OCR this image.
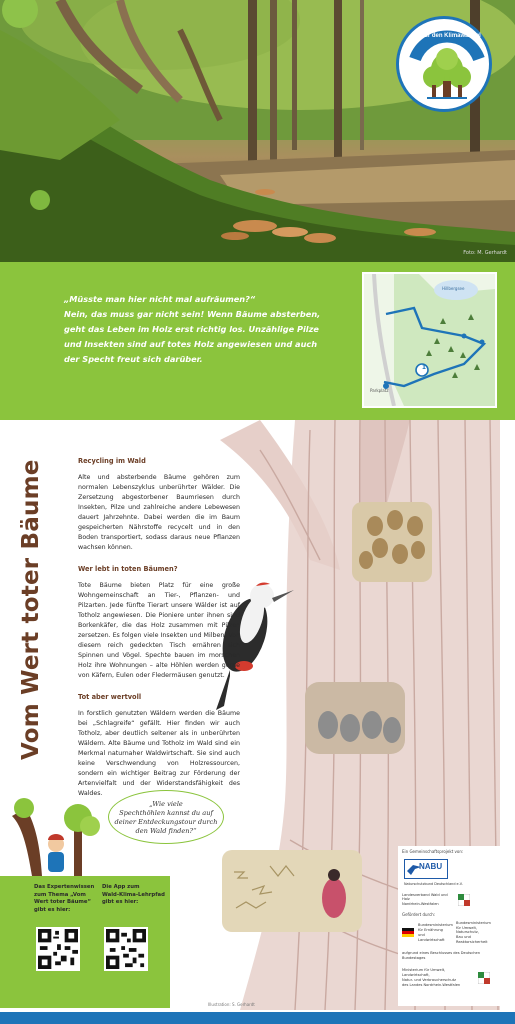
Fit für den Klimawandel
Foto: M. Gerhardt
„Müsste man hier nicht mal aufräumen?“
Nein, das muss gar nicht sein! Wenn Bäume absterben,
geht das Leben im Holz erst richtig los. Unzählige Pilze
und Insekten sind auf totes Holz angewiesen und auch
der Specht freut sich darüber.
Hillbergsee
1
Parkplatz
Vom Wert toter Bäume	Recycling im Wald

Alte und absterbende Bäume gehören zum normalen Lebenszyklus unberührter Wälder. Die Zersetzung abgestorbener Baumriesen durch Insekten, Pilze und zahlreiche andere Lebewesen dauert Jahrzehnte. Dabei werden die im Baum gespeicherten Nährstoffe recycelt und in den Boden transportiert, sodass daraus neue Pflanzen wachsen können.

Wer lebt in toten Bäumen?

Tote Bäume bieten Platz für eine große Wohngemeinschaft an Tier-, Pflanzen- und Pilzarten. Jede fünfte Tierart unsere Wälder ist auf Totholz angewiesen. Die Pioniere unter ihnen sind Borkenkäfer, die das Holz zusammen mit Pilzen zersetzen. Es folgen viele Insekten und Milben. Von diesem reich gedeckten Tisch ernähren sich Spinnen und Vögel. Spechte bauen im morschen Holz ihre Wohnungen – alte Höhlen werden gerne von Käfern, Eulen oder Fledermäusen genutzt.

Tot aber wertvoll

In forstlich genutzten Wäldern werden die Bäume bei „Schlagreife“ gefällt. Hier finden wir auch Totholz, aber deutlich seltener als in unberührten Wäldern. Alte Bäume und Totholz im Wald sind ein Merkmal naturnaher Waldwirtschaft. Sie sind auch keine Verschwendung von Holzressourcen, sondern ein wichtiger Beitrag zur Förderung der Artenvielfalt und der Widerstandsfähigkeit des Waldes.

„Wie viele
Spechthöhlen kannst du auf
deiner Entdeckungstour durch
den Wald finden?“
Das Expertenwissen
zum Thema „Vom
Wert toter Bäume“
gibt es hier:
Die App zum
Wald-Klima-Lehrpfad
gibt es hier:
Ein Gemeinschaftsprojekt von:
NABU
Naturschutzbund Deutschland e.V.
Landesverband Wald und Holz
Nordrhein-Westfalen
Gefördert durch:
Bundesministerium
für Ernährung
und Landwirtschaft
Bundesministerium
für Umwelt, Naturschutz,
Bau und Reaktorsicherheit
aufgrund eines Beschlusses des Deutschen Bundestages
Ministerium für Umwelt, Landwirtschaft,
Natur- und Verbraucherschutz
des Landes Nordrhein-Westfalen
Illustration: S. Gerhardt
